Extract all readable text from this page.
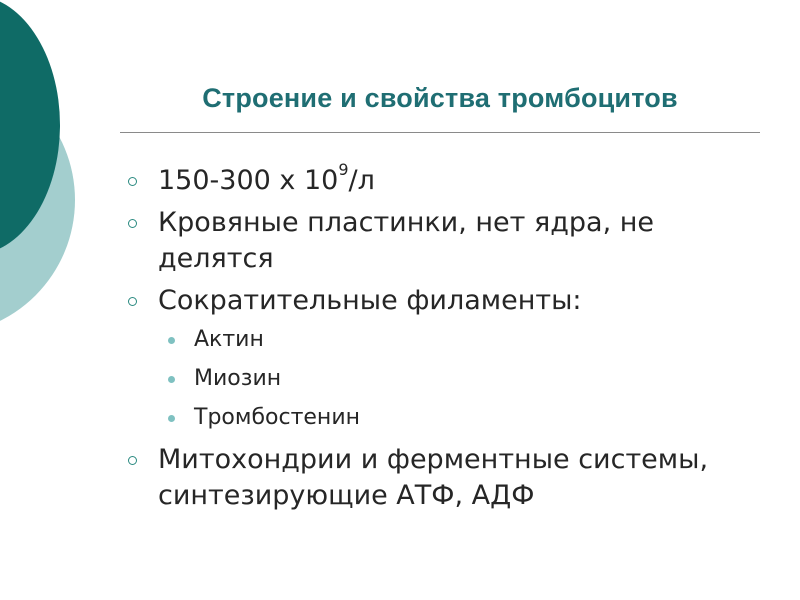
Строение и свойства тромбоцитов
150-300 х $10^9/л$
Кровяные пластинки, нет ядра, не делятся
Сократительные филаменты:
Актин
Миозин
Тромбостенин
Митохондрии и ферментные системы, синтезирующие АТФ, АДФ
